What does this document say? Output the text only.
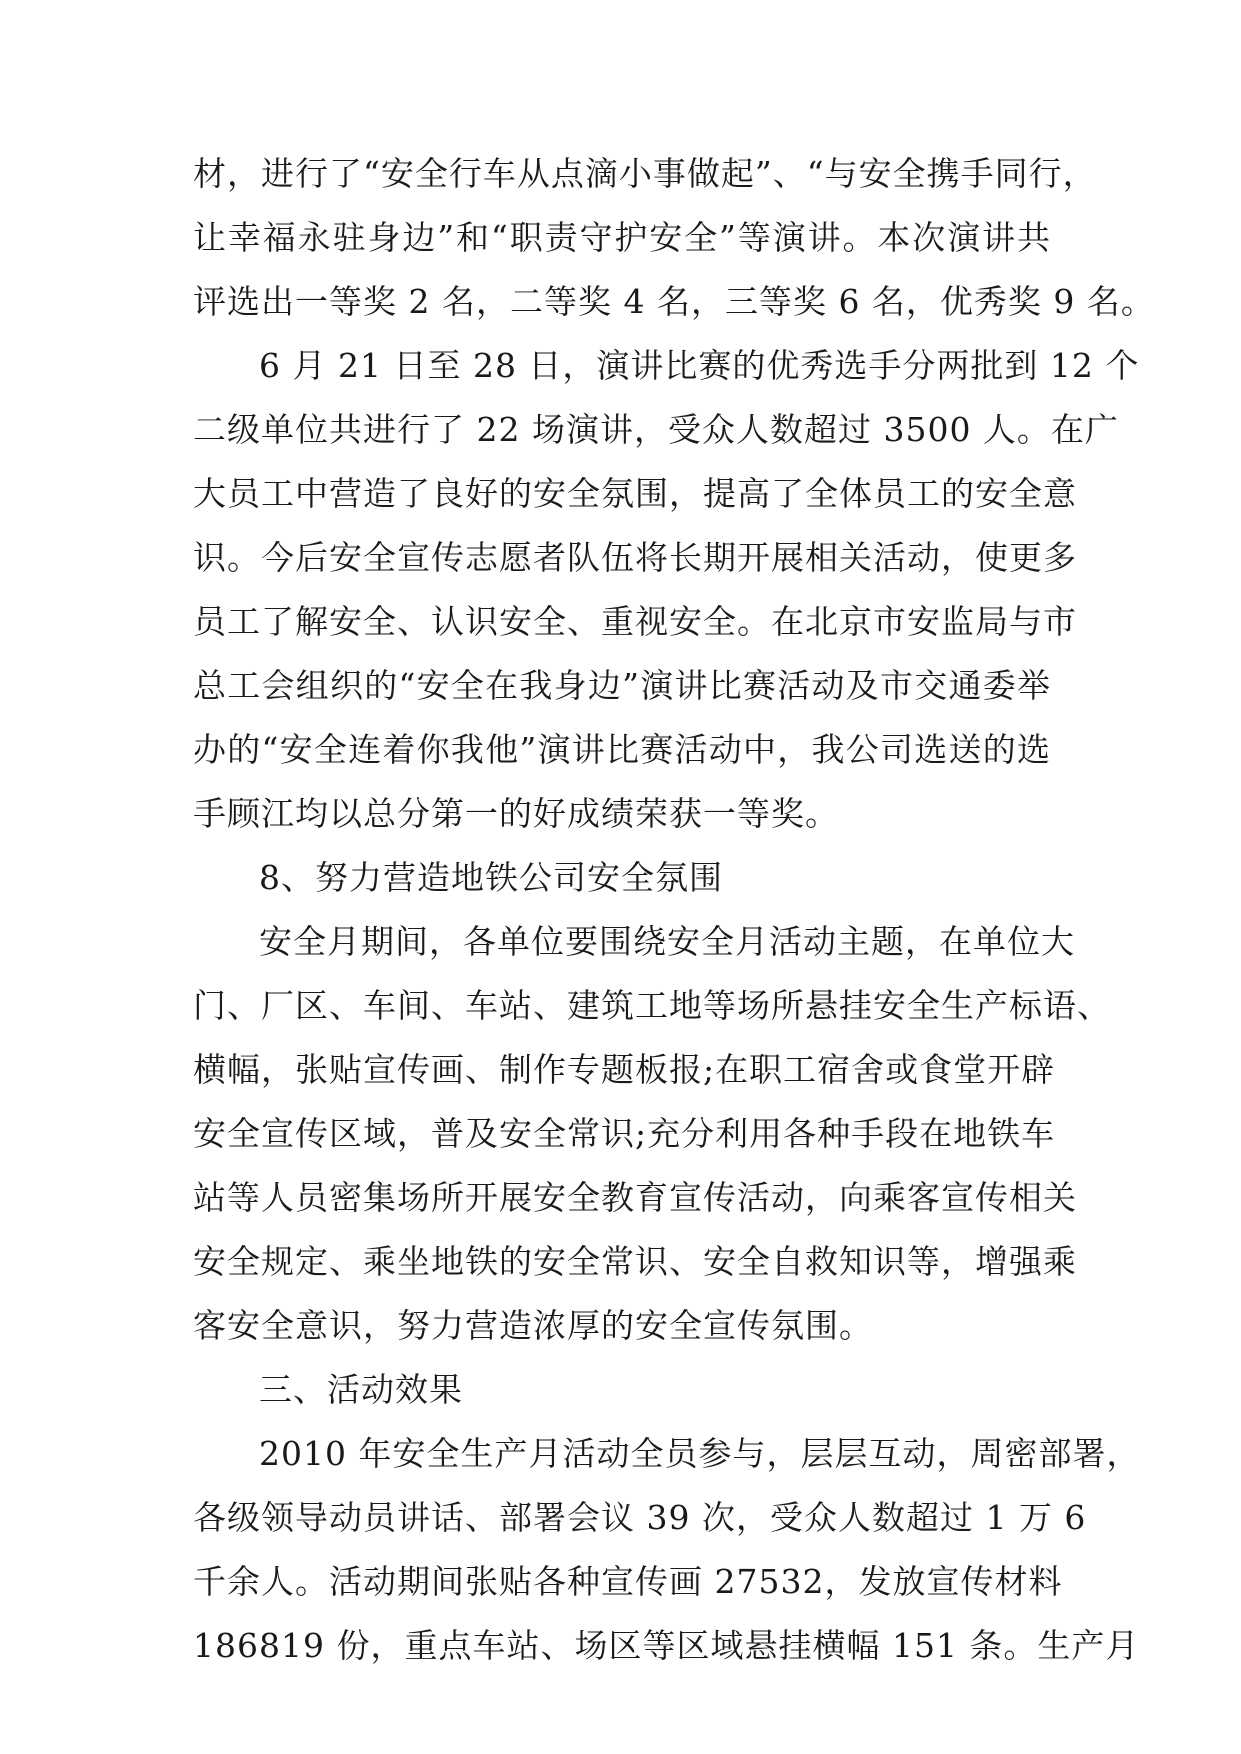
材，进行了“安全行车从点滴小事做起”、“与安全携手同行，
让幸福永驻身边”和“职责守护安全”等演讲。本次演讲共
评选出一等奖 2 名，二等奖 4 名，三等奖 6 名，优秀奖 9 名。
6 月 21 日至 28 日，演讲比赛的优秀选手分两批到 12 个
二级单位共进行了 22 场演讲，受众人数超过 3500 人。在广
大员工中营造了良好的安全氛围，提高了全体员工的安全意
识。今后安全宣传志愿者队伍将长期开展相关活动，使更多
员工了解安全、认识安全、重视安全。在北京市安监局与市
总工会组织的“安全在我身边”演讲比赛活动及市交通委举
办的“安全连着你我他”演讲比赛活动中，我公司选送的选
手顾江均以总分第一的好成绩荣获一等奖。
8、努力营造地铁公司安全氛围
安全月期间，各单位要围绕安全月活动主题，在单位大
门、厂区、车间、车站、建筑工地等场所悬挂安全生产标语、
横幅，张贴宣传画、制作专题板报;在职工宿舍或食堂开辟
安全宣传区域，普及安全常识;充分利用各种手段在地铁车
站等人员密集场所开展安全教育宣传活动，向乘客宣传相关
安全规定、乘坐地铁的安全常识、安全自救知识等，增强乘
客安全意识，努力营造浓厚的安全宣传氛围。
三、活动效果
2010 年安全生产月活动全员参与，层层互动，周密部署，
各级领导动员讲话、部署会议 39 次，受众人数超过 1 万 6
千余人。活动期间张贴各种宣传画 27532，发放宣传材料
186819 份，重点车站、场区等区域悬挂横幅 151 条。生产月
